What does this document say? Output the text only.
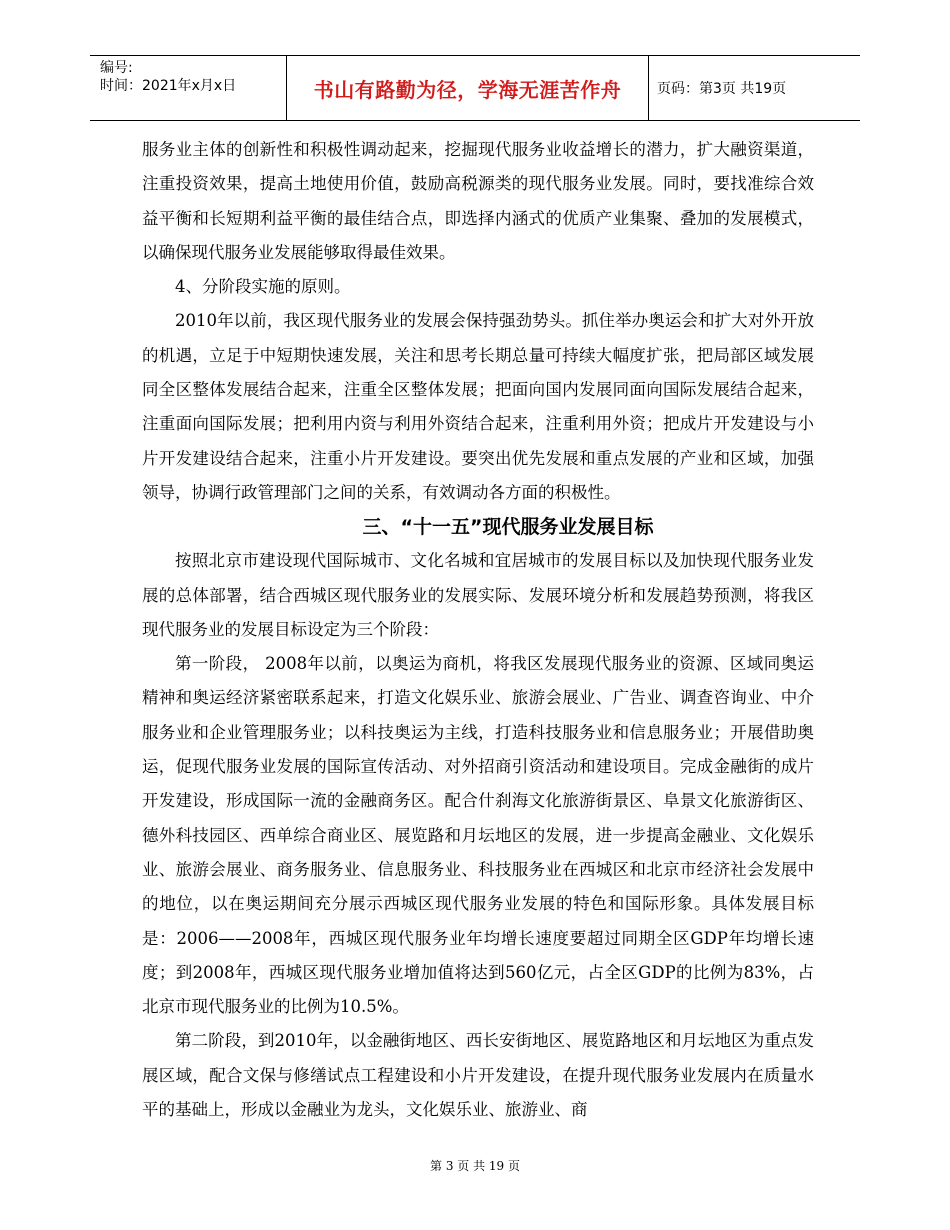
编号:
时间：2021年x月x日	书山有路勤为径，学海无涯苦作舟	页码：第3页 共19页

服务业主体的创新性和积极性调动起来，挖掘现代服务业收益增长的潜力，扩大融资渠道，注重投资效果，提高土地使用价值，鼓励高税源类的现代服务业发展。同时，要找准综合效益平衡和长短期利益平衡的最佳结合点，即选择内涵式的优质产业集聚、叠加的发展模式，以确保现代服务业发展能够取得最佳效果。

4、分阶段实施的原则。

2010年以前，我区现代服务业的发展会保持强劲势头。抓住举办奥运会和扩大对外开放的机遇，立足于中短期快速发展，关注和思考长期总量可持续大幅度扩张，把局部区域发展同全区整体发展结合起来，注重全区整体发展；把面向国内发展同面向国际发展结合起来，注重面向国际发展；把利用内资与利用外资结合起来，注重利用外资；把成片开发建设与小片开发建设结合起来，注重小片开发建设。要突出优先发展和重点发展的产业和区域，加强领导，协调行政管理部门之间的关系，有效调动各方面的积极性。

三、“十一五”现代服务业发展目标

按照北京市建设现代国际城市、文化名城和宜居城市的发展目标以及加快现代服务业发展的总体部署，结合西城区现代服务业的发展实际、发展环境分析和发展趋势预测，将我区现代服务业的发展目标设定为三个阶段：

第一阶段， 2008年以前，以奥运为商机，将我区发展现代服务业的资源、区域同奥运精神和奥运经济紧密联系起来，打造文化娱乐业、旅游会展业、广告业、调查咨询业、中介服务业和企业管理服务业；以科技奥运为主线，打造科技服务业和信息服务业；开展借助奥运，促现代服务业发展的国际宣传活动、对外招商引资活动和建设项目。完成金融街的成片开发建设，形成国际一流的金融商务区。配合什刹海文化旅游街景区、阜景文化旅游街区、德外科技园区、西单综合商业区、展览路和月坛地区的发展，进一步提高金融业、文化娱乐业、旅游会展业、商务服务业、信息服务业、科技服务业在西城区和北京市经济社会发展中的地位，以在奥运期间充分展示西城区现代服务业发展的特色和国际形象。具体发展目标是：2006——2008年，西城区现代服务业年均增长速度要超过同期全区GDP年均增长速度；到2008年，西城区现代服务业增加值将达到560亿元，占全区GDP的比例为83%，占北京市现代服务业的比例为10.5%。

第二阶段，到2010年，以金融街地区、西长安街地区、展览路地区和月坛地区为重点发展区域，配合文保与修缮试点工程建设和小片开发建设，在提升现代服务业发展内在质量水平的基础上，形成以金融业为龙头，文化娱乐业、旅游业、商

第 3 页 共 19 页
